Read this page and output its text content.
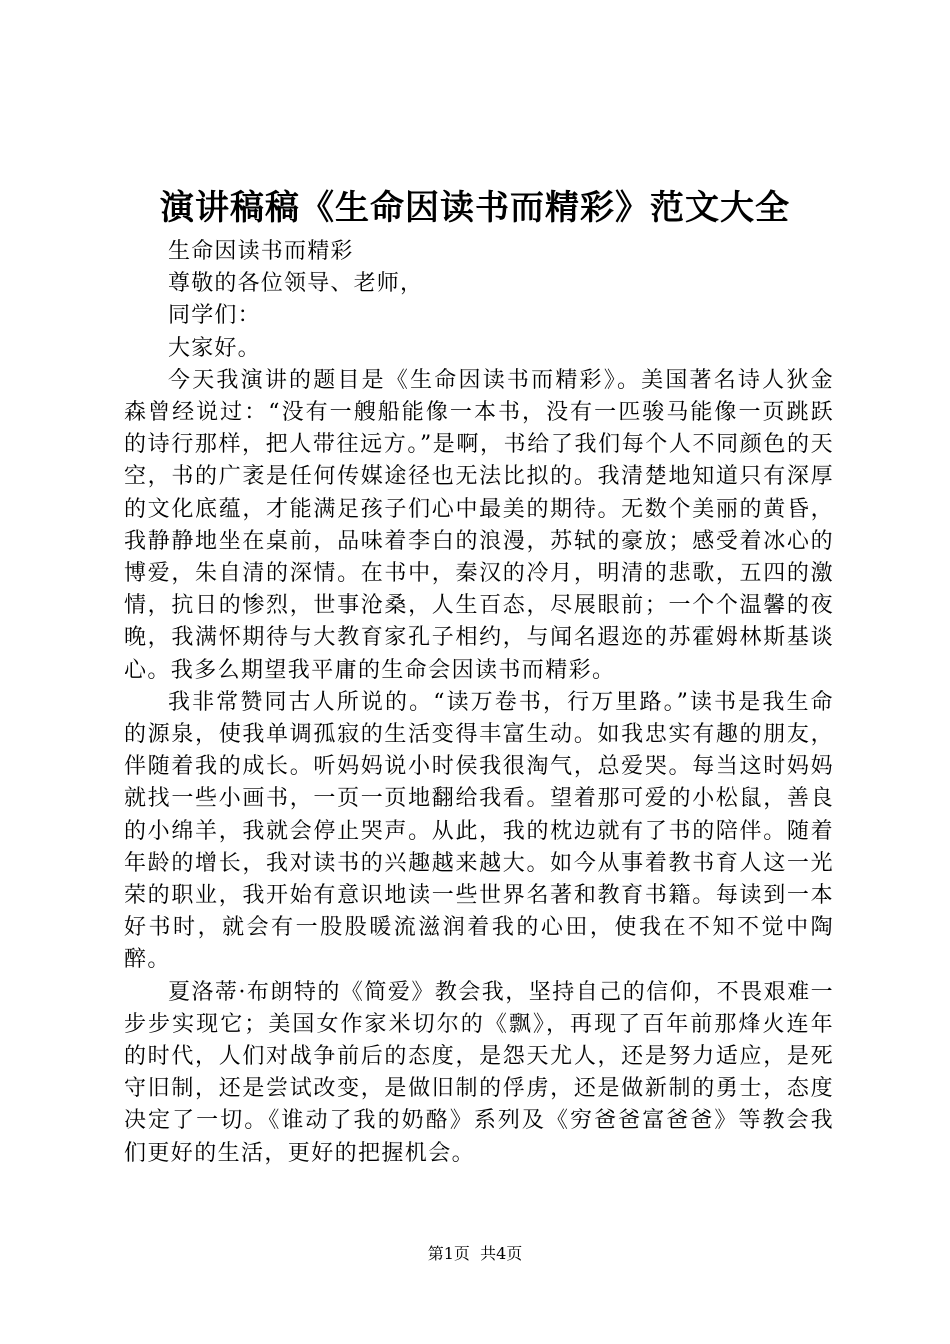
演讲稿稿《生命因读书而精彩》范文大全

生命因读书而精彩

尊敬的各位领导、老师，

同学们：

大家好。

今天我演讲的题目是《生命因读书而精彩》。美国著名诗人狄金森曾经说过：“没有一艘船能像一本书，没有一匹骏马能像一页跳跃的诗行那样，把人带往远方。”是啊，书给了我们每个人不同颜色的天空，书的广袤是任何传媒途径也无法比拟的。我清楚地知道只有深厚的文化底蕴，才能满足孩子们心中最美的期待。无数个美丽的黄昏，我静静地坐在桌前，品味着李白的浪漫，苏轼的豪放；感受着冰心的博爱，朱自清的深情。在书中，秦汉的冷月，明清的悲歌，五四的激情，抗日的惨烈，世事沧桑，人生百态，尽展眼前；一个个温馨的夜晚，我满怀期待与大教育家孔子相约，与闻名遐迩的苏霍姆林斯基谈心。我多么期望我平庸的生命会因读书而精彩。

我非常赞同古人所说的。“读万卷书，行万里路。”读书是我生命的源泉，使我单调孤寂的生活变得丰富生动。如我忠实有趣的朋友，伴随着我的成长。听妈妈说小时侯我很淘气，总爱哭。每当这时妈妈就找一些小画书，一页一页地翻给我看。望着那可爱的小松鼠，善良的小绵羊，我就会停止哭声。从此，我的枕边就有了书的陪伴。随着年龄的增长，我对读书的兴趣越来越大。如今从事着教书育人这一光荣的职业，我开始有意识地读一些世界名著和教育书籍。每读到一本好书时，就会有一股股暖流滋润着我的心田，使我在不知不觉中陶醉。

夏洛蒂·布朗特的《简爱》教会我，坚持自己的信仰，不畏艰难一步步实现它；美国女作家米切尔的《飘》，再现了百年前那烽火连年的时代，人们对战争前后的态度，是怨天尤人，还是努力适应，是死守旧制，还是尝试改变，是做旧制的俘虏，还是做新制的勇士，态度决定了一切。《谁动了我的奶酪》系列及《穷爸爸富爸爸》等教会我们更好的生活，更好的把握机会。

第1页  共4页
